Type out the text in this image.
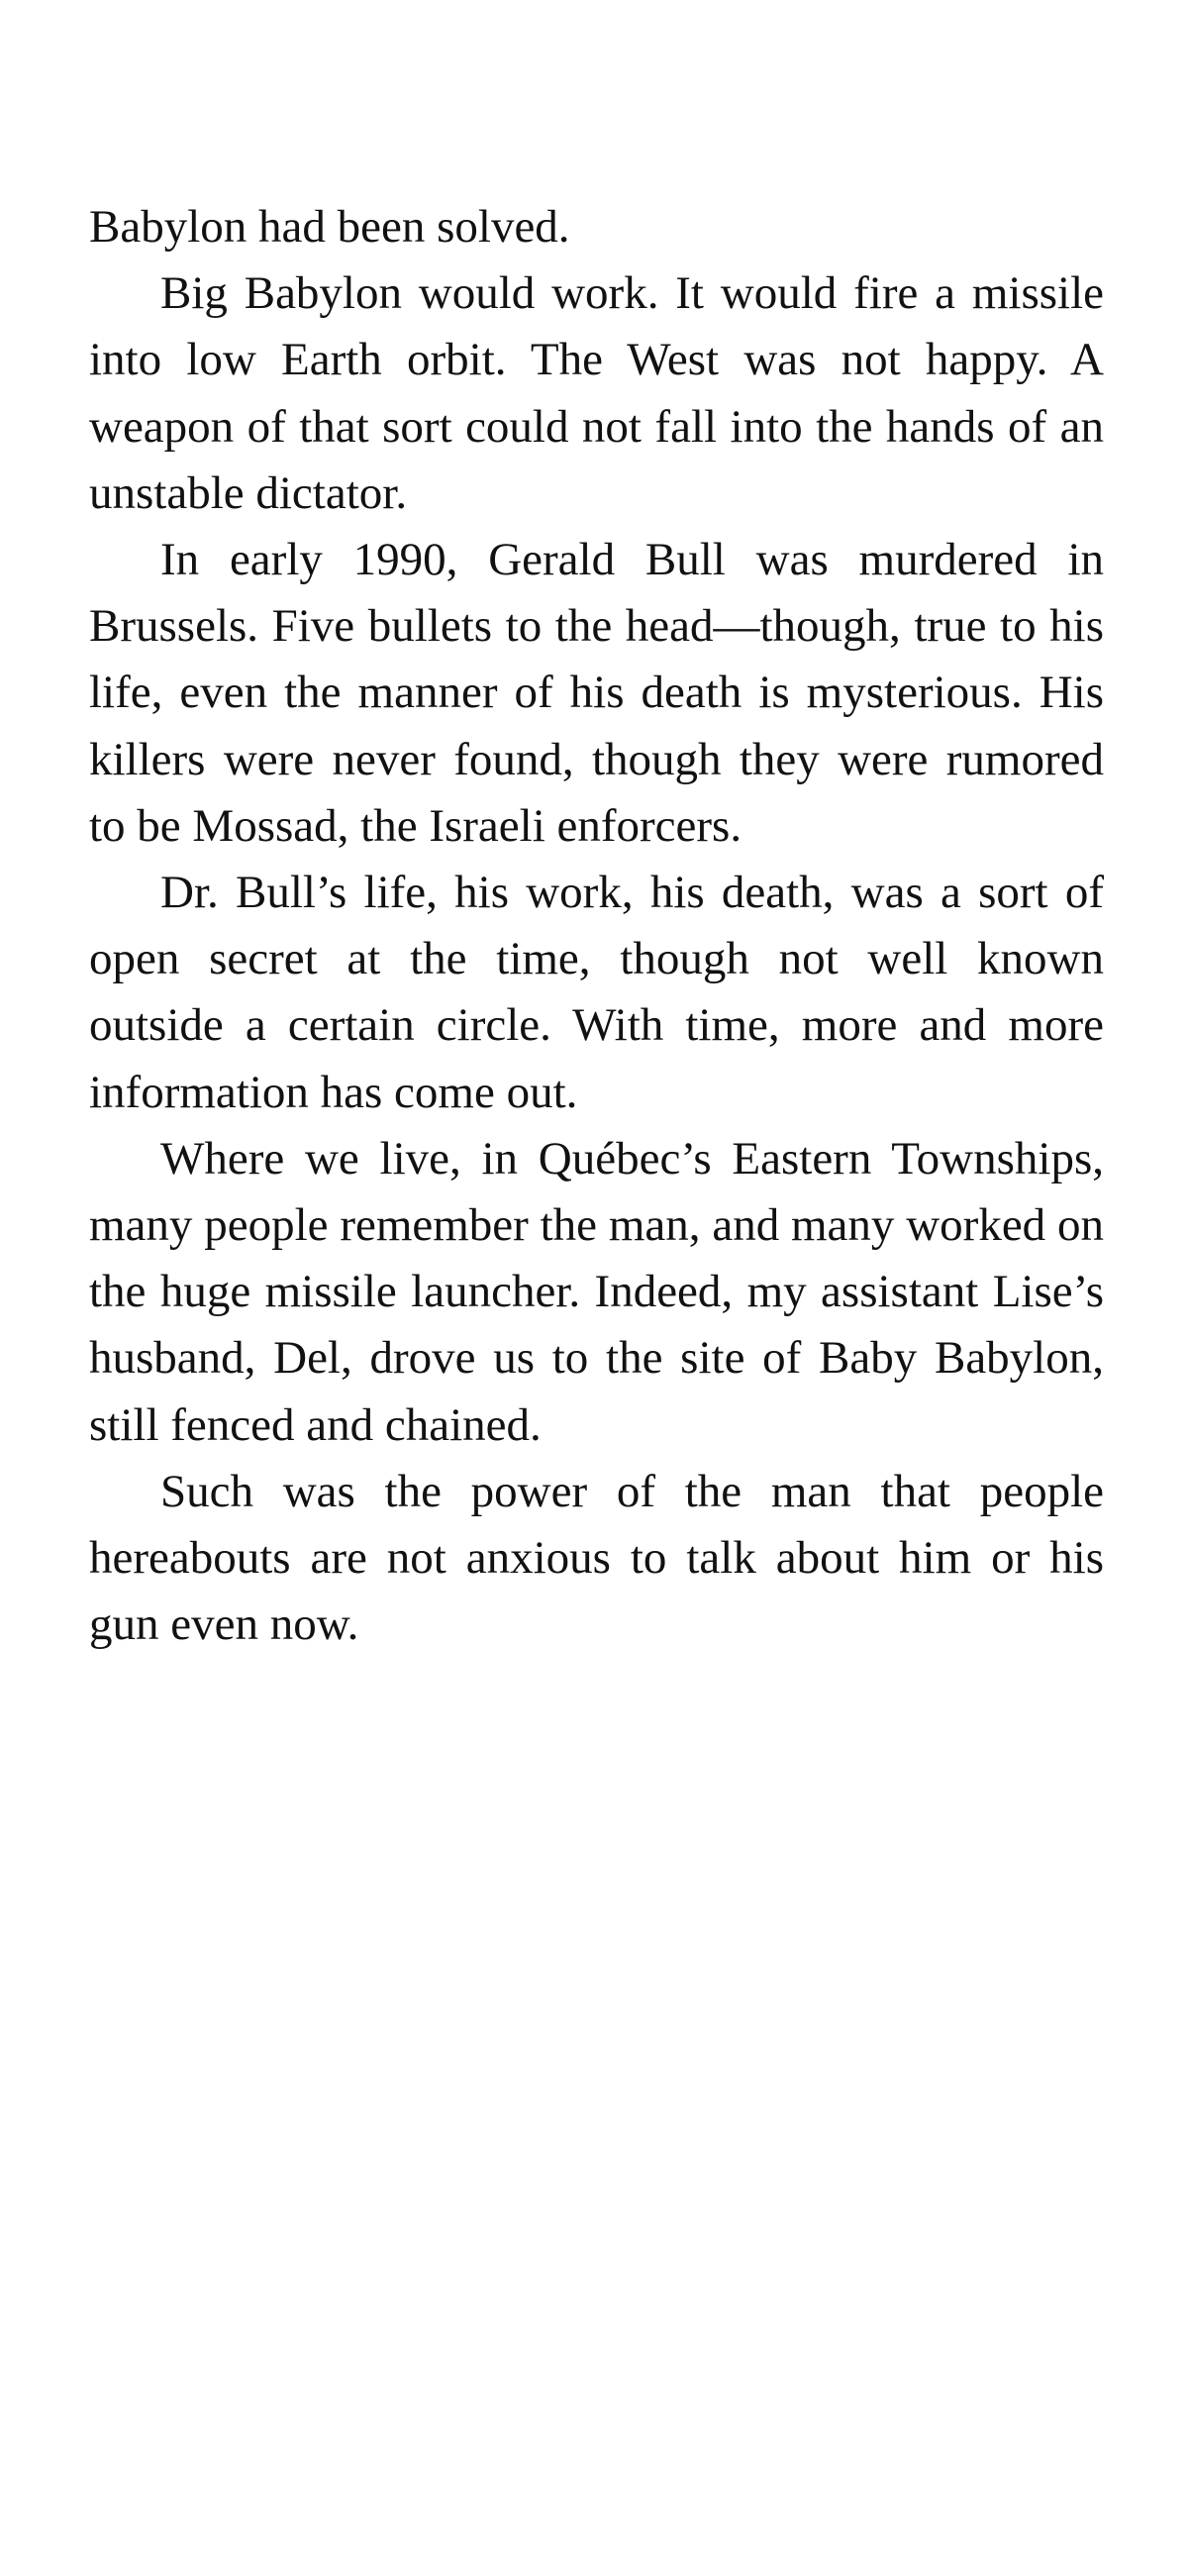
Babylon had been solved.

Big Babylon would work. It would fire a missile into low Earth orbit. The West was not happy. A weapon of that sort could not fall into the hands of an unstable dictator.

In early 1990, Gerald Bull was murdered in Brussels. Five bullets to the head—though, true to his life, even the manner of his death is mysterious. His killers were never found, though they were rumored to be Mossad, the Israeli enforcers.

Dr. Bull’s life, his work, his death, was a sort of open secret at the time, though not well known outside a certain circle. With time, more and more information has come out.

Where we live, in Québec’s Eastern Townships, many people remember the man, and many worked on the huge missile launcher. Indeed, my assistant Lise’s husband, Del, drove us to the site of Baby Babylon, still fenced and chained.

Such was the power of the man that people hereabouts are not anxious to talk about him or his gun even now.
